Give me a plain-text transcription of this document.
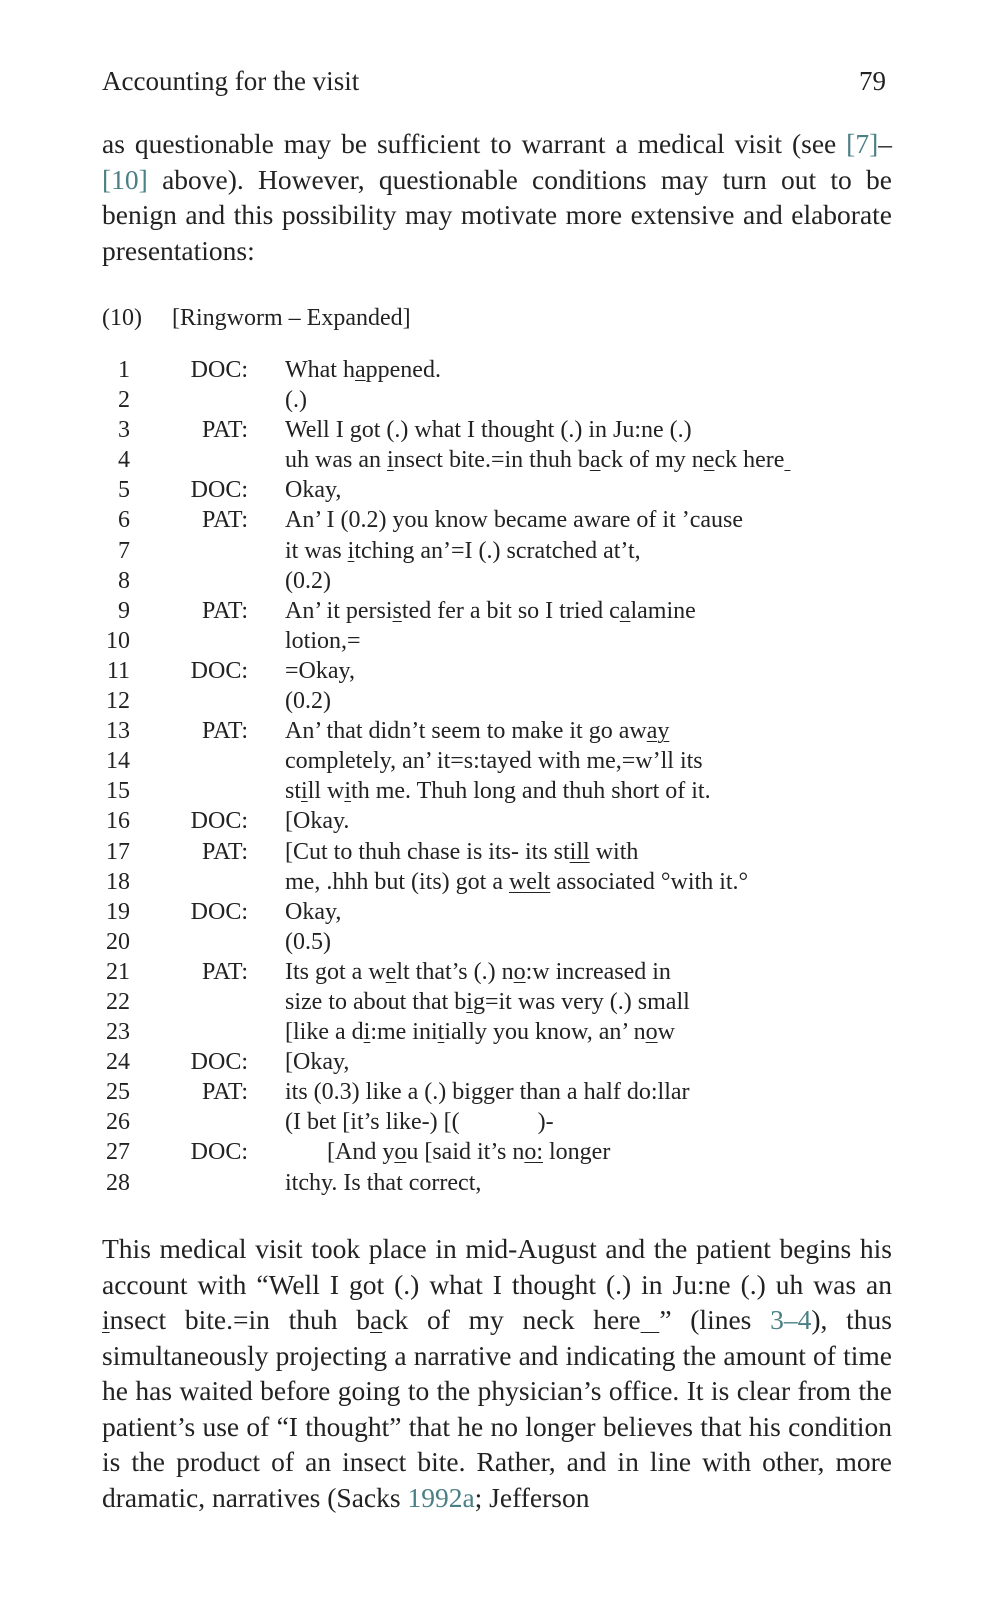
Accounting for the visit	79

as questionable may be sufficient to warrant a medical visit (see [7]– [10] above). However, questionable conditions may turn out to be benign and this possibility may motivate more extensive and elaborate presentations:

(10)	[Ringworm – Expanded]
1	DOC: What happened.
2	(.)
3	PAT: Well I got (.) what I thought (.) in Ju:ne (.)
4	uh was an insect bite.=in thuh back of my neck here
5	DOC: Okay,
6	PAT: An’ I (0.2) you know became aware of it ’cause
7	it was itching an’=I (.) scratched at’t,
8	(0.2)
9	PAT: An’ it persisted fer a bit so I tried calamine
10	lotion,=
11	DOC: =Okay,
12	(0.2)
13	PAT: An’ that didn’t seem to make it go away
14	completely, an’ it=s:tayed with me,=w’ll its
15	still with me. Thuh long and thuh short of it.
16	DOC: [Okay.
17	PAT: [Cut to thuh chase is its- its still with
18	me, .hhh but (its) got a welt associated °with it.°
19	DOC: Okay,
20	(0.5)
21	PAT: Its got a welt that’s (.) no:w increased in
22	size to about that big=it was very (.) small
23	[like a di:me initially you know, an’ now
24	DOC: [Okay,
25	PAT: its (0.3) like a (.) bigger than a half do:llar
26	(I bet [it’s like-) [(             )-
27	DOC: [And you [said it’s no: longer
28	itchy. Is that correct,

This medical visit took place in mid-August and the patient begins his account with “Well I got (.) what I thought (.) in Ju:ne (.) uh was an insect bite.=in thuh back of my neck here ” (lines 3–4), thus simultaneously projecting a narrative and indicating the amount of time he has waited before going to the physician’s office. It is clear from the patient’s use of “I thought” that he no longer believes that his condition is the product of an insect bite. Rather, and in line with other, more dramatic, narratives (Sacks 1992a; Jefferson
